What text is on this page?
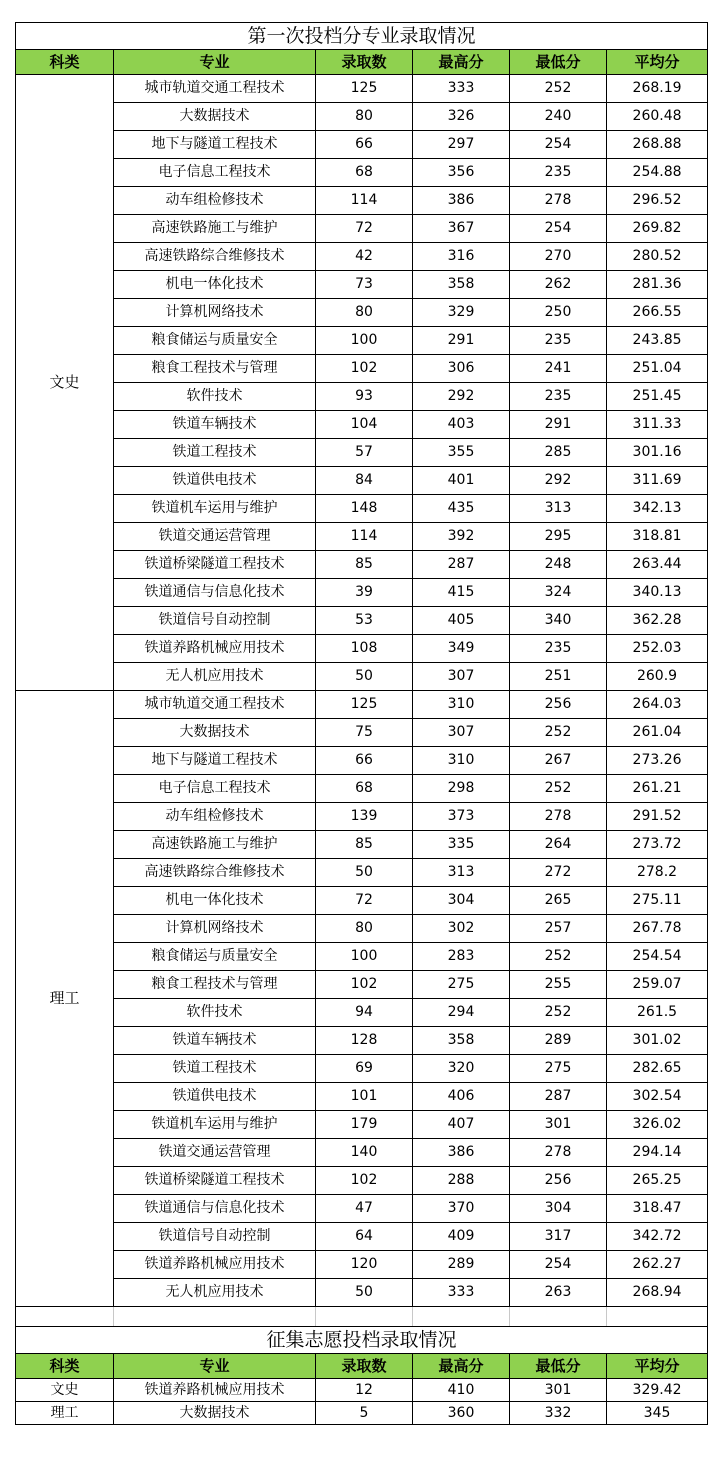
第一次投档分专业录取情况					
科类	专业	录取数	最高分	最低分	平均分
文史	城市轨道交通工程技术	125	333	252	268.19
	大数据技术	80	326	240	260.48
	地下与隧道工程技术	66	297	254	268.88
	电子信息工程技术	68	356	235	254.88
	动车组检修技术	114	386	278	296.52
	高速铁路施工与维护	72	367	254	269.82
	高速铁路综合维修技术	42	316	270	280.52
	机电一体化技术	73	358	262	281.36
	计算机网络技术	80	329	250	266.55
	粮食储运与质量安全	100	291	235	243.85
	粮食工程技术与管理	102	306	241	251.04
	软件技术	93	292	235	251.45
	铁道车辆技术	104	403	291	311.33
	铁道工程技术	57	355	285	301.16
	铁道供电技术	84	401	292	311.69
	铁道机车运用与维护	148	435	313	342.13
	铁道交通运营管理	114	392	295	318.81
	铁道桥梁隧道工程技术	85	287	248	263.44
	铁道通信与信息化技术	39	415	324	340.13
	铁道信号自动控制	53	405	340	362.28
	铁道养路机械应用技术	108	349	235	252.03
	无人机应用技术	50	307	251	260.9
理工	城市轨道交通工程技术	125	310	256	264.03
	大数据技术	75	307	252	261.04
	地下与隧道工程技术	66	310	267	273.26
	电子信息工程技术	68	298	252	261.21
	动车组检修技术	139	373	278	291.52
	高速铁路施工与维护	85	335	264	273.72
	高速铁路综合维修技术	50	313	272	278.2
	机电一体化技术	72	304	265	275.11
	计算机网络技术	80	302	257	267.78
	粮食储运与质量安全	100	283	252	254.54
	粮食工程技术与管理	102	275	255	259.07
	软件技术	94	294	252	261.5
	铁道车辆技术	128	358	289	301.02
	铁道工程技术	69	320	275	282.65
	铁道供电技术	101	406	287	302.54
	铁道机车运用与维护	179	407	301	326.02
	铁道交通运营管理	140	386	278	294.14
	铁道桥梁隧道工程技术	102	288	256	265.25
	铁道通信与信息化技术	47	370	304	318.47
	铁道信号自动控制	64	409	317	342.72
	铁道养路机械应用技术	120	289	254	262.27
	无人机应用技术	50	333	263	268.94

征集志愿投档录取情况					
科类	专业	录取数	最高分	最低分	平均分
文史	铁道养路机械应用技术	12	410	301	329.42
理工	大数据技术	5	360	332	345
